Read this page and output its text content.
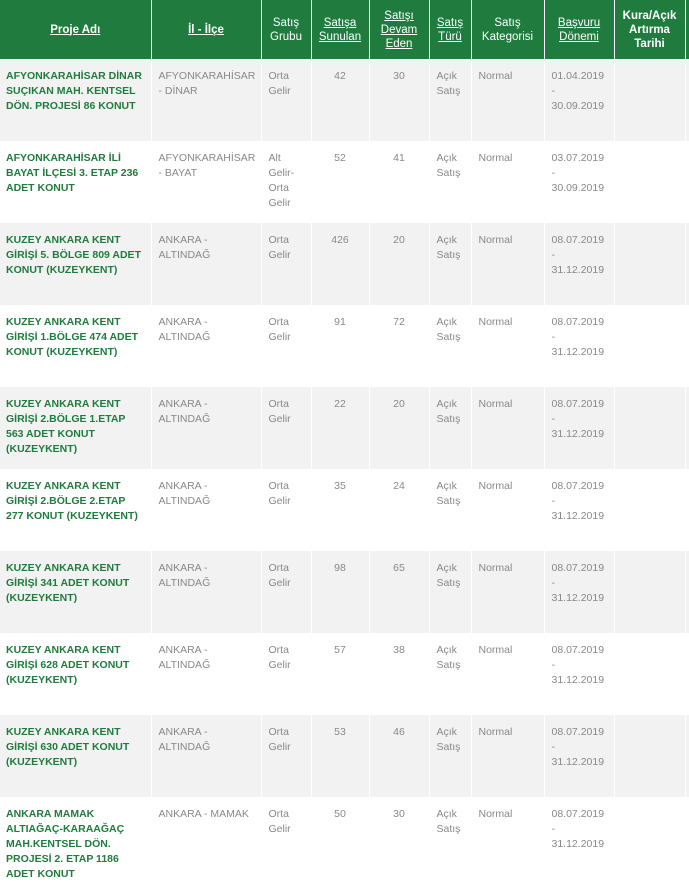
Proje Adı	İl - İlçe	Satış Grubu	Satışa Sunulan	Satışı Devam Eden	Satış Türü	Satış Kategorisi	Başvuru Dönemi	Kura/Açık Artırma Tarihi	
AFYONKARAHİSAR DİNAR SUÇIKAN MAH. KENTSEL DÖN. PROJESİ 86 KONUT	AFYONKARAHİSAR - DİNAR	Orta Gelir	42	30	Açık Satış	Normal	01.04.2019 - 30.09.2019		
AFYONKARAHİSAR İLİ BAYAT İLÇESİ 3. ETAP 236 ADET KONUT	AFYONKARAHİSAR - BAYAT	Alt Gelir-Orta Gelir	52	41	Açık Satış	Normal	03.07.2019 - 30.09.2019		
KUZEY ANKARA KENT GİRİŞİ 5. BÖLGE 809 ADET KONUT (KUZEYKENT)	ANKARA - ALTINDAĞ	Orta Gelir	426	20	Açık Satış	Normal	08.07.2019 - 31.12.2019		
KUZEY ANKARA KENT GİRİŞİ 1.BÖLGE 474 ADET KONUT (KUZEYKENT)	ANKARA - ALTINDAĞ	Orta Gelir	91	72	Açık Satış	Normal	08.07.2019 - 31.12.2019		
KUZEY ANKARA KENT GİRİŞİ 2.BÖLGE 1.ETAP 563 ADET KONUT (KUZEYKENT)	ANKARA - ALTINDAĞ	Orta Gelir	22	20	Açık Satış	Normal	08.07.2019 - 31.12.2019		
KUZEY ANKARA KENT GİRİŞİ 2.BÖLGE 2.ETAP 277 KONUT (KUZEYKENT)	ANKARA - ALTINDAĞ	Orta Gelir	35	24	Açık Satış	Normal	08.07.2019 - 31.12.2019		
KUZEY ANKARA KENT GİRİŞİ 341 ADET KONUT (KUZEYKENT)	ANKARA - ALTINDAĞ	Orta Gelir	98	65	Açık Satış	Normal	08.07.2019 - 31.12.2019		
KUZEY ANKARA KENT GİRİŞİ 628 ADET KONUT (KUZEYKENT)	ANKARA - ALTINDAĞ	Orta Gelir	57	38	Açık Satış	Normal	08.07.2019 - 31.12.2019		
KUZEY ANKARA KENT GİRİŞİ 630 ADET KONUT (KUZEYKENT)	ANKARA - ALTINDAĞ	Orta Gelir	53	46	Açık Satış	Normal	08.07.2019 - 31.12.2019		
ANKARA MAMAK ALTIAĞAÇ-KARAAĞAÇ MAH.KENTSEL DÖN. PROJESİ 2. ETAP 1186 ADET KONUT	ANKARA - MAMAK	Orta Gelir	50	30	Açık Satış	Normal	08.07.2019 - 31.12.2019		
